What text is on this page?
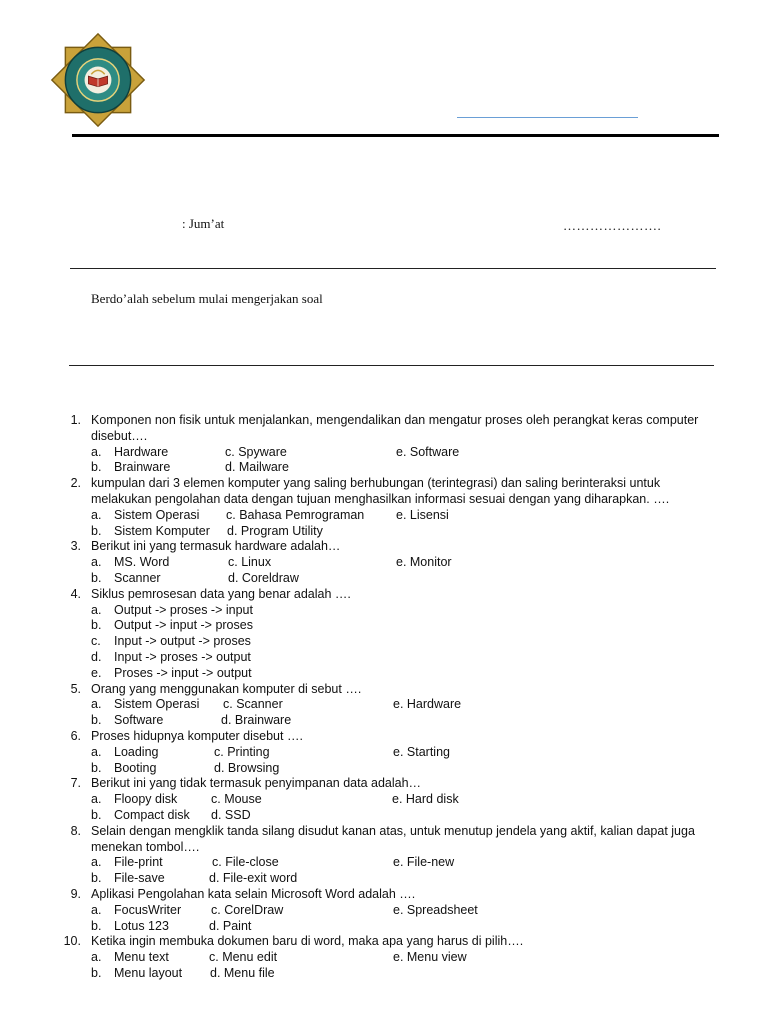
: Jum’at	………………….
Berdo’alah sebelum mulai mengerjakan soal
1. Komponen non fisik untuk menjalankan, mengendalikan dan mengatur proses oleh perangkat keras computer
disebut….
a. Hardware	c. Spyware	e. Software
b. Brainware	d. Mailware
2. kumpulan dari 3 elemen komputer yang saling berhubungan (terintegrasi) dan saling berinteraksi untuk
melakukan pengolahan data dengan tujuan menghasilkan informasi sesuai dengan yang diharapkan. ….
a. Sistem Operasi c. Bahasa Pemrograman	e. Lisensi
b. Sistem Komputer d. Program Utility
3. Berikut ini yang termasuk hardware adalah…
a. MS. Word	c. Linux	e. Monitor
b. Scanner	d. Coreldraw
4. Siklus pemrosesan data yang benar adalah ….
a. Output -> proses -> input
b. Output -> input -> proses
c. Input -> output -> proses
d. Input -> proses -> output
e. Proses -> input -> output
5. Orang yang menggunakan komputer di sebut ….
a. Sistem Operasi c. Scanner	e. Hardware
b. Software	d. Brainware
6. Proses hidupnya komputer disebut ….
a. Loading	c. Printing	e. Starting
b. Booting	d. Browsing
7. Berikut ini yang tidak termasuk penyimpanan data adalah…
a. Floopy disk	c. Mouse	e. Hard disk
b. Compact disk d. SSD
8. Selain dengan mengklik tanda silang disudut kanan atas, untuk menutup jendela yang aktif, kalian dapat juga
menekan tombol….
a. File-print	c. File-close	e. File-new
b. File-save	d. File-exit word
9. Aplikasi Pengolahan kata selain Microsoft Word adalah ….
a. FocusWriter c. CorelDraw	e. Spreadsheet
b. Lotus 123	d. Paint
10. Ketika ingin membuka dokumen baru di word, maka apa yang harus di pilih….
a. Menu text	c. Menu edit	e. Menu view
b. Menu layout d. Menu file
